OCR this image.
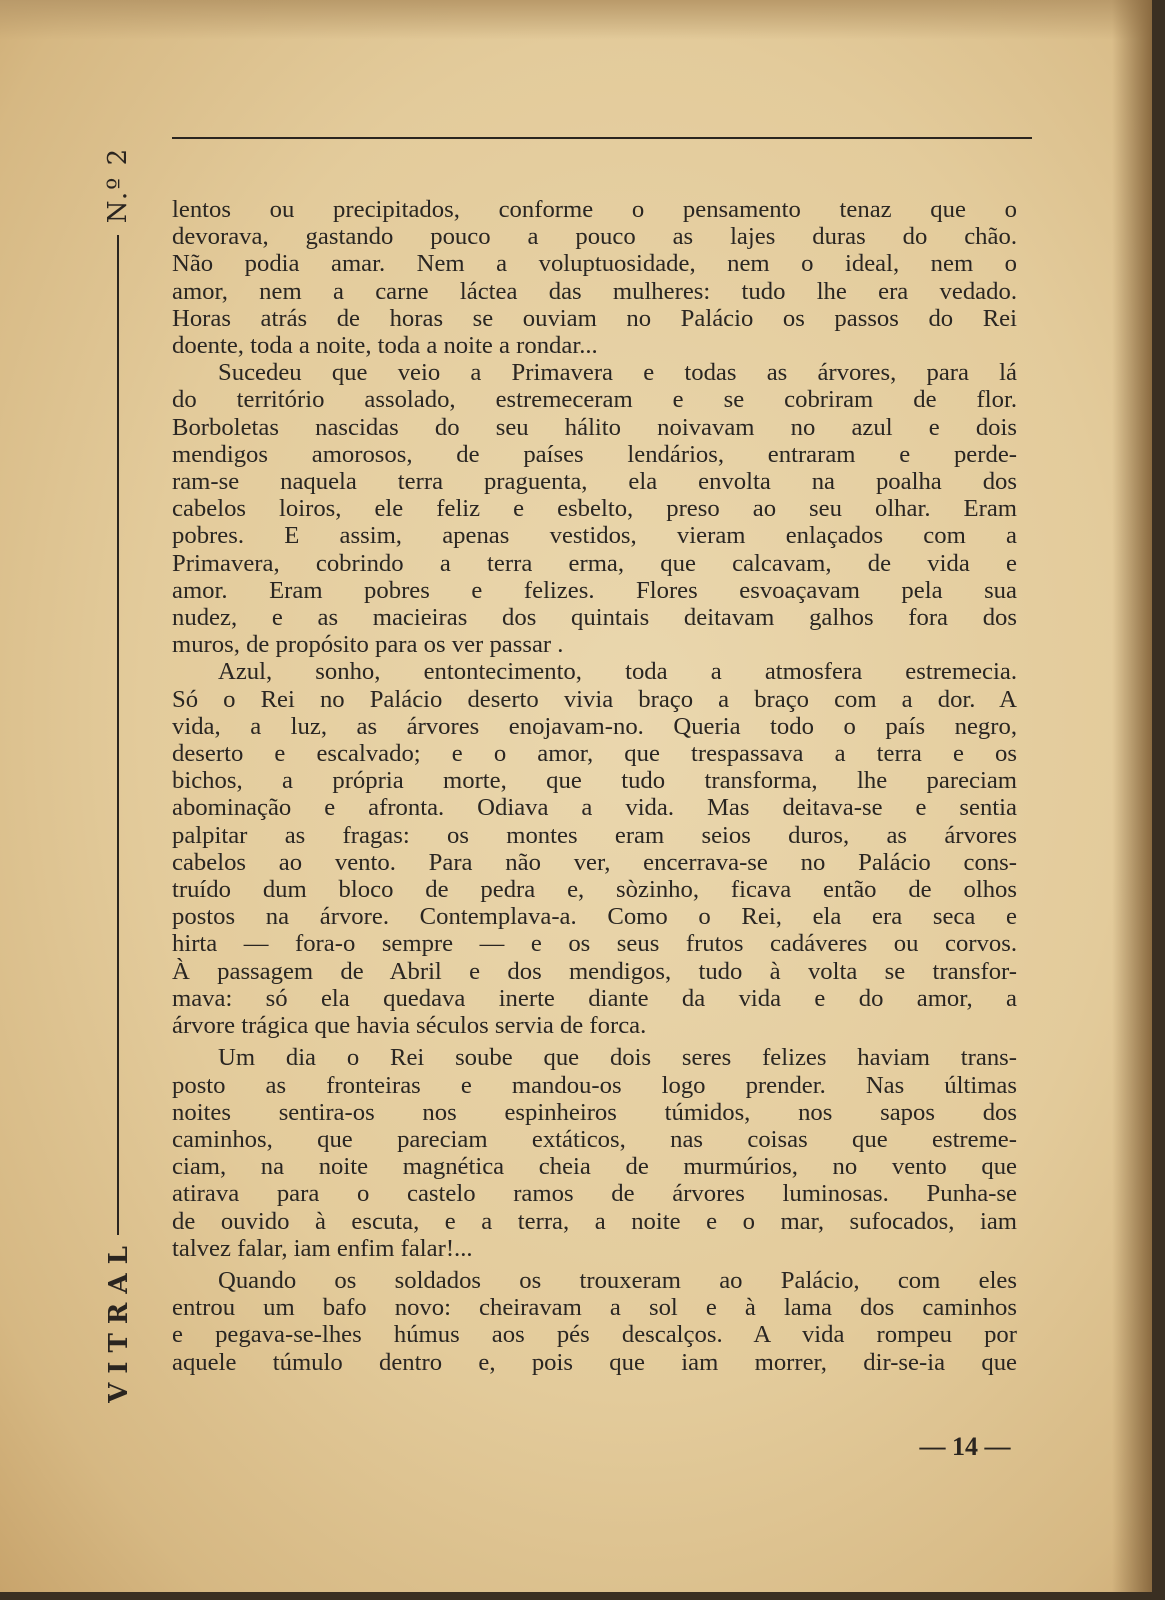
N.º 2
VITRAL

lentos ou precipitados, conforme o pensamento tenaz que o

devorava, gastando pouco a pouco as lajes duras do chão.

Não podia amar. Nem a voluptuosidade, nem o ideal, nem o

amor, nem a carne láctea das mulheres: tudo lhe era vedado.

Horas atrás de horas se ouviam no Palácio os passos do Rei

doente, toda a noite, toda a noite a rondar...

Sucedeu que veio a Primavera e todas as árvores, para lá

do território assolado, estremeceram e se cobriram de flor.

Borboletas nascidas do seu hálito noivavam no azul e dois

mendigos amorosos, de países lendários, entraram e perde-

ram-se naquela terra praguenta, ela envolta na poalha dos

cabelos loiros, ele feliz e esbelto, preso ao seu olhar. Eram

pobres. E assim, apenas vestidos, vieram enlaçados com a

Primavera, cobrindo a terra erma, que calcavam, de vida e

amor. Eram pobres e felizes. Flores esvoaçavam pela sua

nudez, e as macieiras dos quintais deitavam galhos fora dos

muros, de propósito para os ver passar .

Azul, sonho, entontecimento, toda a atmosfera estremecia.

Só o Rei no Palácio deserto vivia braço a braço com a dor. A

vida, a luz, as árvores enojavam-no. Queria todo o país negro,

deserto e escalvado; e o amor, que trespassava a terra e os

bichos, a própria morte, que tudo transforma, lhe pareciam

abominação e afronta. Odiava a vida. Mas deitava-se e sentia

palpitar as fragas: os montes eram seios duros, as árvores

cabelos ao vento. Para não ver, encerrava-se no Palácio cons-

truído dum bloco de pedra e, sòzinho, ficava então de olhos

postos na árvore. Contemplava-a. Como o Rei, ela era seca e

hirta — fora-o sempre — e os seus frutos cadáveres ou corvos.

À passagem de Abril e dos mendigos, tudo à volta se transfor-

mava: só ela quedava inerte diante da vida e do amor, a

árvore trágica que havia séculos servia de forca.

Um dia o Rei soube que dois seres felizes haviam trans-

posto as fronteiras e mandou-os logo prender. Nas últimas

noites sentira-os nos espinheiros túmidos, nos sapos dos

caminhos, que pareciam extáticos, nas coisas que estreme-

ciam, na noite magnética cheia de murmúrios, no vento que

atirava para o castelo ramos de árvores luminosas. Punha-se

de ouvido à escuta, e a terra, a noite e o mar, sufocados, iam

talvez falar, iam enfim falar!...

Quando os soldados os trouxeram ao Palácio, com eles

entrou um bafo novo: cheiravam a sol e à lama dos caminhos

e pegava-se-lhes húmus aos pés descalços. A vida rompeu por

aquele túmulo dentro e, pois que iam morrer, dir-se-ia que

— 14 —
